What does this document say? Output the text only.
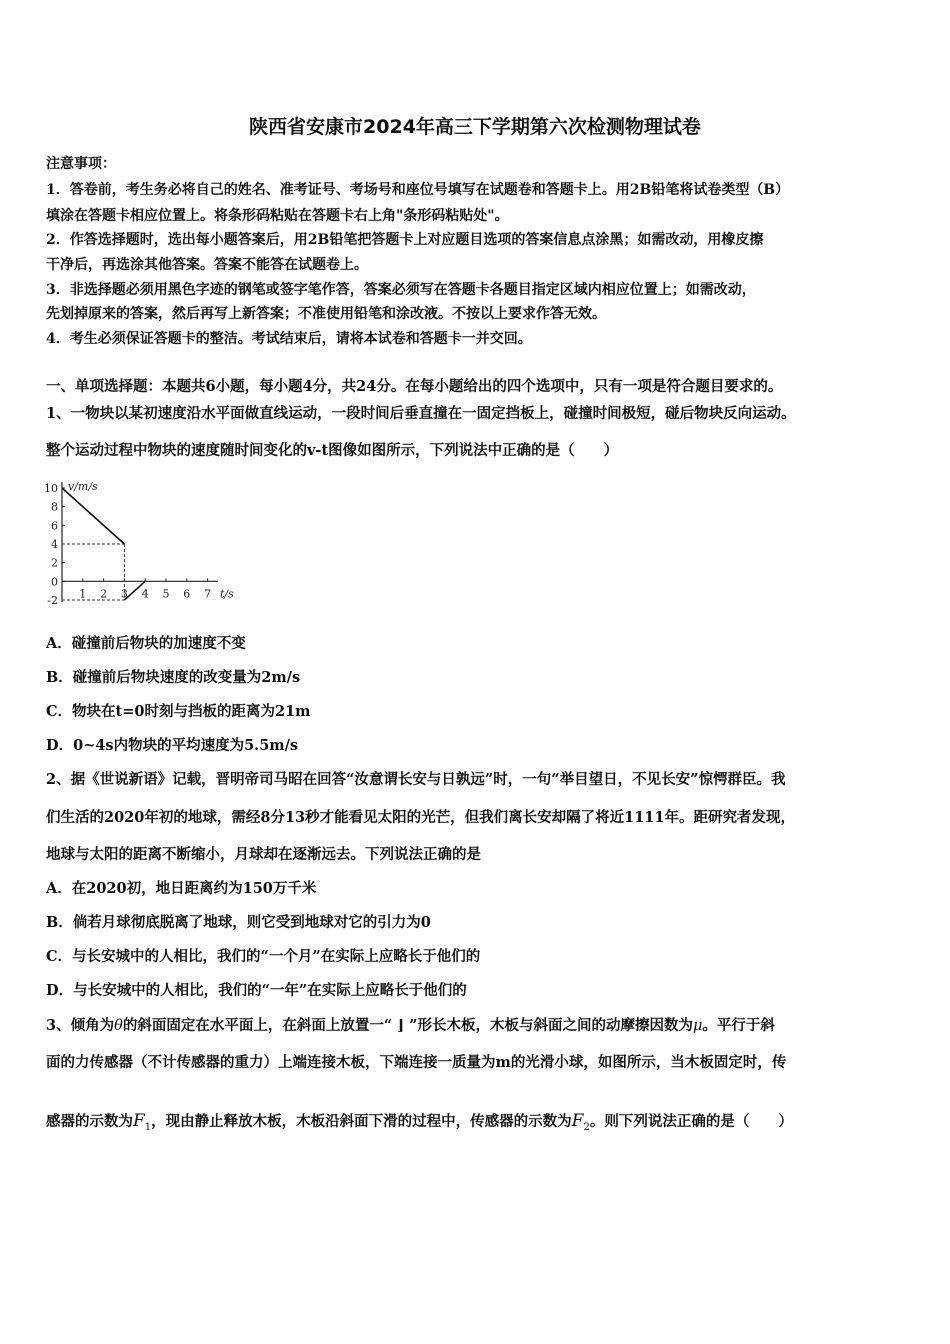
陕西省安康市2024年高三下学期第六次检测物理试卷
注意事项：
1．答卷前，考生务必将自己的姓名、准考证号、考场号和座位号填写在试题卷和答题卡上。用2B铅笔将试卷类型（B）
填涂在答题卡相应位置上。将条形码粘贴在答题卡右上角"条形码粘贴处"。
2．作答选择题时，选出每小题答案后，用2B铅笔把答题卡上对应题目选项的答案信息点涂黑；如需改动，用橡皮擦
干净后，再选涂其他答案。答案不能答在试题卷上。
3．非选择题必须用黑色字迹的钢笔或签字笔作答，答案必须写在答题卡各题目指定区域内相应位置上；如需改动，
先划掉原来的答案，然后再写上新答案；不准使用铅笔和涂改液。不按以上要求作答无效。
4．考生必须保证答题卡的整洁。考试结束后，请将本试卷和答题卡一并交回。
一、单项选择题：本题共6小题，每小题4分，共24分。在每小题给出的四个选项中，只有一项是符合题目要求的。
1、一物块以某初速度沿水平面做直线运动，一段时间后垂直撞在一固定挡板上，碰撞时间极短，碰后物块反向运动。
整个运动过程中物块的速度随时间变化的v-t图像如图所示，下列说法中正确的是（　　）
10
8
6
4
2
0
-2
1 2 3 4 5 6 7
v/m/s
t/s
A．碰撞前后物块的加速度不变
B．碰撞前后物块速度的改变量为2m/s
C．物块在t=0时刻与挡板的距离为21m
D．0~4s内物块的平均速度为5.5m/s
2、据《世说新语》记载，晋明帝司马昭在回答“汝意谓长安与日孰远”时，一句“举目望日，不见长安”惊愕群臣。我
们生活的2020年初的地球，需经8分13秒才能看见太阳的光芒，但我们离长安却隔了将近1111年。距研究者发现，
地球与太阳的距离不断缩小，月球却在逐渐远去。下列说法正确的是
A．在2020初，地日距离约为150万千米
B．倘若月球彻底脱离了地球，则它受到地球对它的引力为0
C．与长安城中的人相比，我们的“一个月”在实际上应略长于他们的
D．与长安城中的人相比，我们的“一年”在实际上应略长于他们的
3、倾角为θ的斜面固定在水平面上，在斜面上放置一“ ⌋ ”形长木板，木板与斜面之间的动摩擦因数为μ。平行于斜
面的力传感器（不计传感器的重力）上端连接木板，下端连接一质量为m的光滑小球，如图所示，当木板固定时，传
感器的示数为$F_1$，现由静止释放木板，木板沿斜面下滑的过程中，传感器的示数为$F_2$。则下列说法正确的是（　　）
